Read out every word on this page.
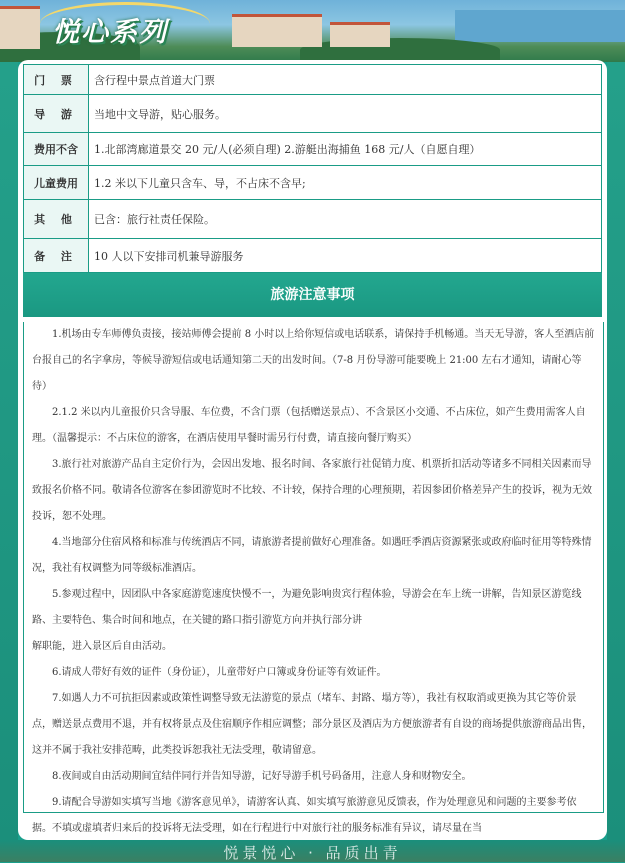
悦心系列
门 票	含行程中景点首道大门票
导 游	当地中文导游，贴心服务。
费用不含	1.北部湾廊道景交 20 元/人(必须自理) 2.游艇出海捕鱼 168 元/人（自愿自理）
儿童费用	1.2 米以下儿童只含车、导，不占床不含早;
其 他	已含：旅行社责任保险。
备 注	10 人以下安排司机兼导游服务
旅游注意事项

1.机场由专车师傅负责接，接站师傅会提前 8 小时以上给你短信或电话联系，请保持手机畅通。当天无导游，客人至酒店前台报自己的名字拿房，等候导游短信或电话通知第二天的出发时间。（7-8 月份导游可能要晚上 21:00 左右才通知，请耐心等待）

2.1.2 米以内儿童报价只含导服、车位费，不含门票（包括赠送景点）、不含景区小交通、不占床位，如产生费用需客人自理。（温馨提示：不占床位的游客，在酒店使用早餐时需另行付费，请直接向餐厅购买）

3.旅行社对旅游产品自主定价行为，会因出发地、报名时间、各家旅行社促销力度、机票折扣活动等诸多不同相关因素而导致报名价格不同。敬请各位游客在参团游览时不比较、不计较，保持合理的心理预期，若因参团价格差异产生的投诉，视为无效投诉，恕不处理。

4.当地部分住宿风格和标准与传统酒店不同，请旅游者提前做好心理准备。如遇旺季酒店资源紧张或政府临时征用等特殊情况，我社有权调整为同等级标准酒店。

5.参观过程中，因团队中各家庭游览速度快慢不一，为避免影响贵宾行程体验，导游会在车上统一讲解，告知景区游览线路、主要特色、集合时间和地点，在关键的路口指引游览方向并执行部分讲

解职能，进入景区后自由活动。

6.请成人带好有效的证件（身份证），儿童带好户口簿或身份证等有效证件。

7.如遇人力不可抗拒因素或政策性调整导致无法游览的景点（堵车、封路、塌方等），我社有权取消或更换为其它等价景点，赠送景点费用不退，并有权将景点及住宿顺序作相应调整；部分景区及酒店为方便旅游者有自设的商场提供旅游商品出售，这并不属于我社安排范畴，此类投诉恕我社无法受理，敬请留意。

8.夜间或自由活动期间宜结伴同行并告知导游，记好导游手机号码备用，注意人身和财物安全。

9.请配合导游如实填写当地《游客意见单》，请游客认真、如实填写旅游意见反馈表，作为处理意见和问题的主要参考依据。不填或虚填者归来后的投诉将无法受理，如在行程进行中对旅行社的服务标准有异议，请尽量在当

悦景悦心 · 品质出青
